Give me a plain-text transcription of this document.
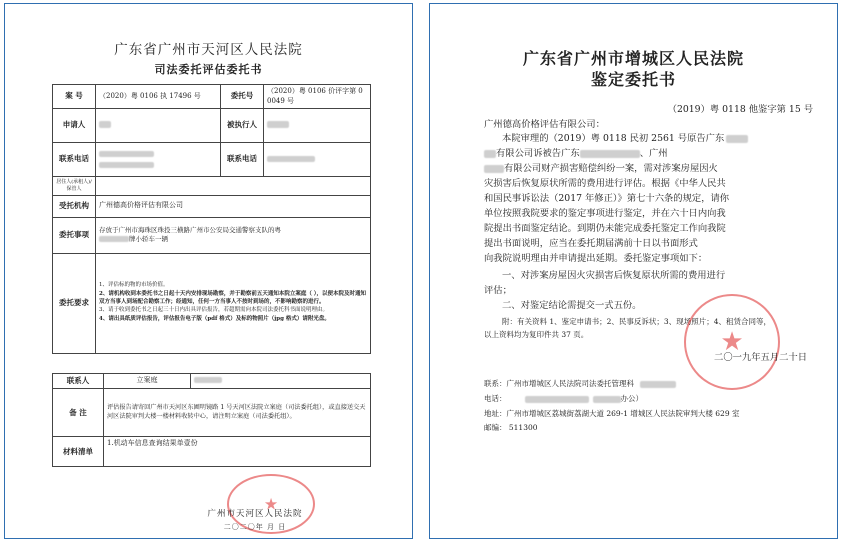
广东省广州市天河区人民法院
司法委托评估委托书
案 号	（2020）粤 0106 执 17496 号	委托号	（2020）粤 0106 价评字第 0 0049 号
申请人		被执行人	
联系电话		联系电话	
居住人(承租人)/保管人			
受托机构	广州德高价格评估有限公司		
委托事项	存放于广州市海珠区珠投三横路广州市公安局交通警察支队的粤
牌小轿车一辆		
委托要求	1、评估标的物的市场价值。
2、请机构收到本委托书之日起十天内安排现场勘察，并于勘察前五天通知本院立案庭（ ），以便本院及时通知双方当事人到场配合勘察工作；经通知，任何一方当事人不按时到场的，不影响勘察的进行。
3、请于收到委托书之日起三十日内出具评估报告，若超期需向本院司法委托科书面说明理由。
4、请出具纸质评估报告，评估报告电子版（pdf 格式）及标的物照片（jpg 格式）请附光盘。		
联系人	立案庭	
备 注	评估报告请寄回广州市天河区东圃明镜路 1 号天河区法院立案庭（司法委托组），或直接送交天河区法院审判大楼一楼材料收转中心，请注明立案庭（司法委托组）。	
材料清单	1.机动车信息查询结果单壹份	
★
广州市天河区人民法院
二〇二〇年 月 日
广东省广州市增城区人民法院
鉴定委托书
（2019）粤 0118 他鉴字第 15 号
广州德高价格评估有限公司：
本院审理的（2019）粤 0118 民初 2561 号原告广东
有限公司诉被告广东	、广州
有限公司财产损害赔偿纠纷一案，需对涉案房屋因火
灾损害后恢复原状所需的费用进行评估。根据《中华人民共
和国民事诉讼法（2017 年修正）》第七十六条的规定，请你
单位按照我院要求的鉴定事项进行鉴定，并在六十日内向我
院提出书面鉴定结论。到期仍未能完成委托鉴定工作向我院
提出书面说明，应当在委托期届满前十日以书面形式
向我院说明理由并申请提出延期。委托鉴定事项如下：
一、对涉案房屋因火灾损害后恢复原状所需的费用进行
评估；
二、对鉴定结论需提交一式五份。
附：有关资料 1、鉴定申请书；2、民事反诉状；3、现场照片；4、租赁合同等，
以上资料均为复印件共 37 页。	★
二〇一九年五月二十日
联系：广州市增城区人民法院司法委托管理科
电话：	办公）
地址：广州市增城区荔城街荔湖大道 269-1 增城区人民法院审判大楼 629 室
邮编： 511300
